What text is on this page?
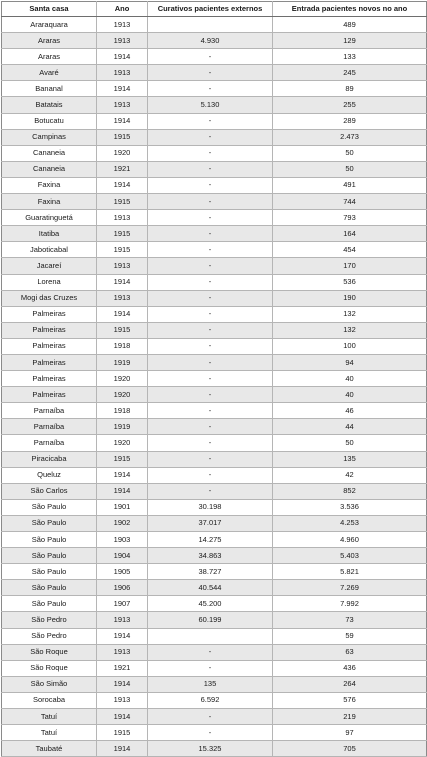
Santa casa	Ano	Curativos pacientes externos	Entrada pacientes novos no ano
Araraquara	1913		489
Araras	1913	4.930	129
Araras	1914	-	133
Avaré	1913	-	245
Bananal	1914	-	89
Batatais	1913	5.130	255
Botucatu	1914	-	289
Campinas	1915	-	2.473
Cananeia	1920	-	50
Cananeia	1921	-	50
Faxina	1914	-	491
Faxina	1915	-	744
Guaratinguetá	1913	-	793
Itatiba	1915	-	164
Jaboticabal	1915	-	454
Jacareí	1913	-	170
Lorena	1914	-	536
Mogi das Cruzes	1913	-	190
Palmeiras	1914	-	132
Palmeiras	1915	-	132
Palmeiras	1918	-	100
Palmeiras	1919	-	94
Palmeiras	1920	-	40
Palmeiras	1920	-	40
Parnaíba	1918	-	46
Parnaíba	1919	-	44
Parnaíba	1920	-	50
Piracicaba	1915	-	135
Queluz	1914	-	42
São Carlos	1914	-	852
São Paulo	1901	30.198	3.536
São Paulo	1902	37.017	4.253
São Paulo	1903	14.275	4.960
São Paulo	1904	34.863	5.403
São Paulo	1905	38.727	5.821
São Paulo	1906	40.544	7.269
São Paulo	1907	45.200	7.992
São Pedro	1913	60.199	73
São Pedro	1914		59
São Roque	1913	-	63
São Roque	1921	-	436
São Simão	1914	135	264
Sorocaba	1913	6.592	576
Tatuí	1914	-	219
Tatuí	1915	-	97
Taubaté	1914	15.325	705
